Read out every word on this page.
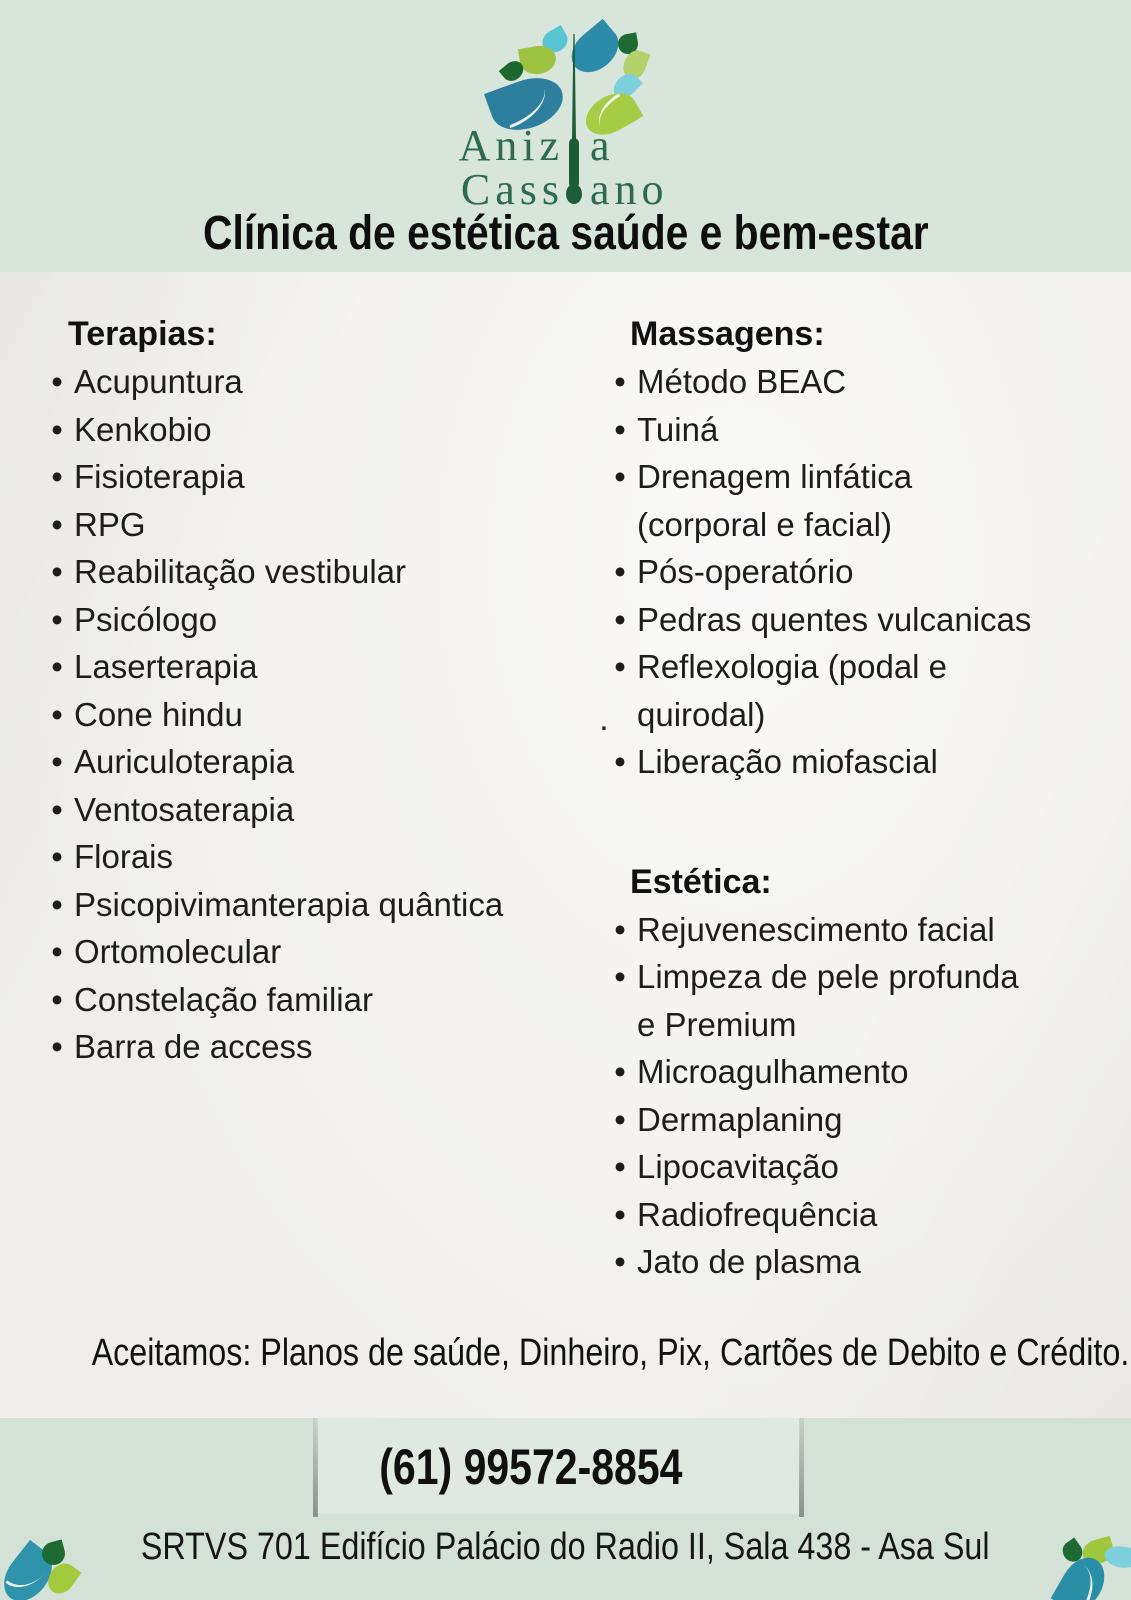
Aniz a
Cass ano
Clínica de estética saúde e bem-estar
Terapias:
• Acupuntura
• Kenkobio
• Fisioterapia
• RPG
• Reabilitação vestibular
• Psicólogo
• Laserterapia
• Cone hindu
• Auriculoterapia
• Ventosaterapia
• Florais
• Psicopivimanterapia quântica
• Ortomolecular
• Constelação familiar
• Barra de access
Massagens:
• Método BEAC
• Tuiná
• Drenagem linfática
(corporal e facial)
• Pós-operatório
• Pedras quentes vulcanicas
• Reflexologia (podal e
. quirodal)
• Liberação miofascial
Estética:
• Rejuvenescimento facial
• Limpeza de pele profunda
e Premium
• Microagulhamento
• Dermaplaning
• Lipocavitação
• Radiofrequência
• Jato de plasma
Aceitamos: Planos de saúde, Dinheiro, Pix, Cartões de Debito e Crédito.
(61) 99572-8854
SRTVS 701 Edifício Palácio do Radio II, Sala 438 - Asa Sul
